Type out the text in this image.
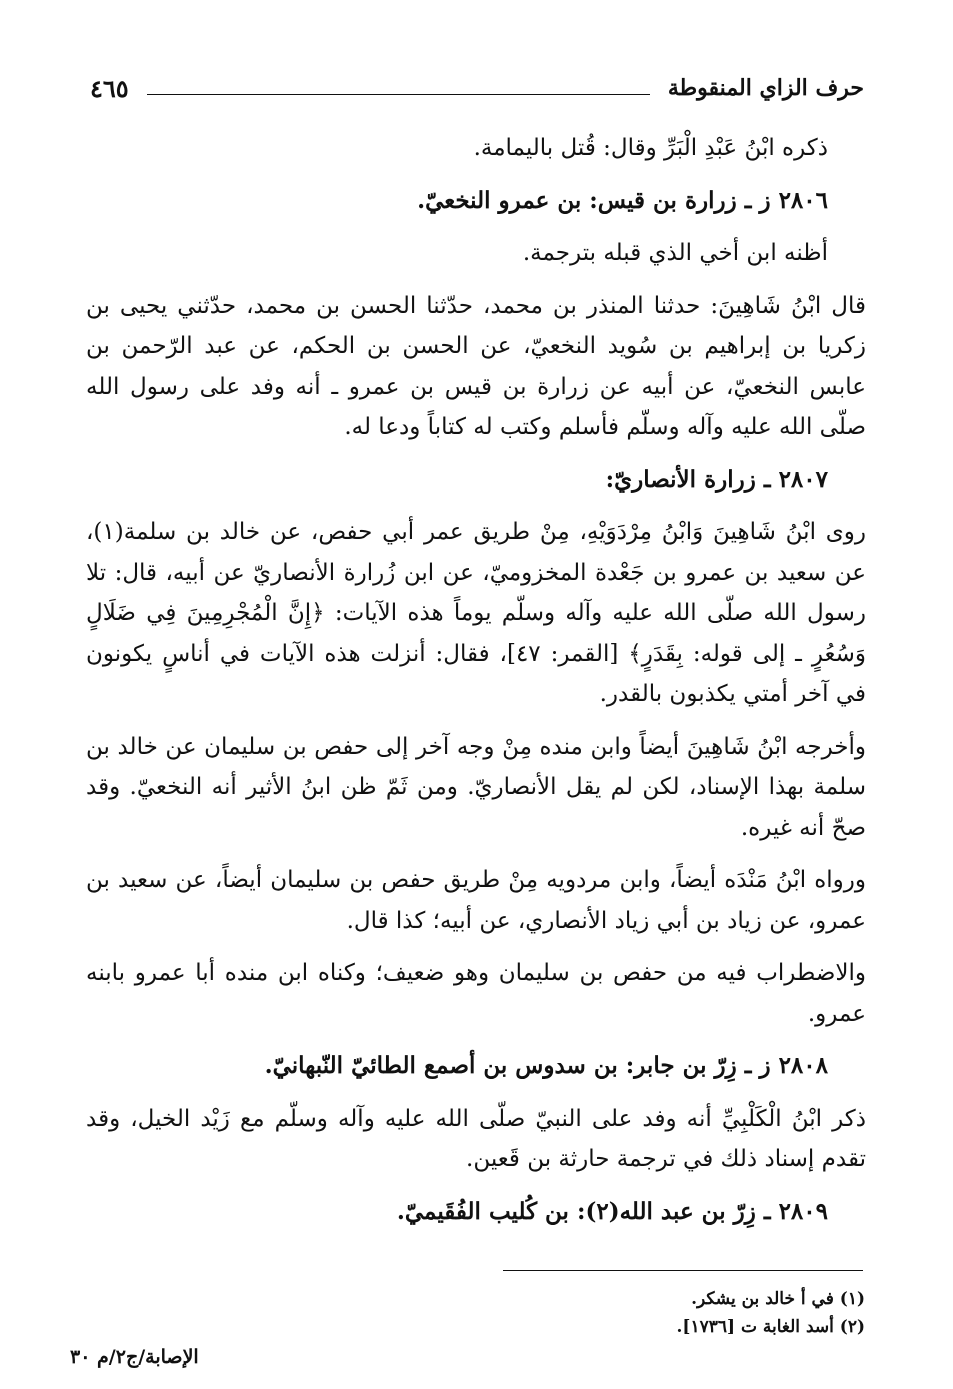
حرف الزاي المنقوطة
٤٦٥

ذكره ابْنُ عَبْدِ الْبَرِّ وقال: قُتل باليمامة.

٢٨٠٦ ز ـ زرارة بن قيس: بن عمرو النخعيّ.

أظنه ابن أخي الذي قبله بترجمة.

قال ابْنُ شَاهِينَ: حدثنا المنذر بن محمد، حدّثنا الحسن بن محمد، حدّثني يحيى بن زكريا بن إبراهيم بن سُويد النخعيّ، عن الحسن بن الحكم، عن عبد الرّحمن بن عابس النخعيّ، عن أبيه عن زرارة بن قيس بن عمرو ـ أنه وفد على رسول الله صلّى الله عليه وآله وسلّم فأسلم وكتب له كتاباً ودعا له.

٢٨٠٧ ـ زرارة الأنصاريّ:

روى ابْنُ شَاهِينَ وَابْنُ مِرْدَوَيْهِ، مِنْ طريق عمر أبي حفص، عن خالد بن سلمة(١)، عن سعيد بن عمرو بن جَعْدة المخزوميّ، عن ابن زُرارة الأنصاريّ عن أبيه، قال: تلا رسول الله صلّى الله عليه وآله وسلّم يوماً هذه الآيات: ﴿إِنَّ الْمُجْرِمِينَ فِي ضَلَالٍ وَسُعُرٍ ـ إلى قوله: بِقَدَرٍ﴾ [القمر: ٤٧]، فقال: أنزلت هذه الآيات في أناسٍ يكونون في آخر أمتي يكذبون بالقدر.

وأخرجه ابْنُ شَاهِينَ أيضاً وابن منده مِنْ وجه آخر إلى حفص بن سليمان عن خالد بن سلمة بهذا الإسناد، لكن لم يقل الأنصاريّ. ومن ثَمّ ظن ابنُ الأثير أنه النخعيّ. وقد صحّ أنه غيره.

ورواه ابْنُ مَنْدَه أيضاً، وابن مردويه مِنْ طريق حفص بن سليمان أيضاً، عن سعيد بن عمرو، عن زياد بن أبي زياد الأنصاري، عن أبيه؛ كذا قال.

والاضطراب فيه من حفص بن سليمان وهو ضعيف؛ وكناه ابن منده أبا عمرو بابنه عمرو.

٢٨٠٨ ز ـ زِرّ بن جابر: بن سدوس بن أصمع الطائيّ النّبهانيّ.

ذكر ابْنُ الْكَلْبِيِّ أنه وفد على النبيّ صلّى الله عليه وآله وسلّم مع زَيْد الخيل، وقد تقدم إسناد ذلك في ترجمة حارثة بن قَعين.

٢٨٠٩ ـ زِرّ بن عبد الله(٢): بن كُليب الفُقَيميّ.

(١) في أ خالد بن يشكر.
(٢) أسد الغابة ت [١٧٣٦].
الإصابة/ج٢/م ٣٠
